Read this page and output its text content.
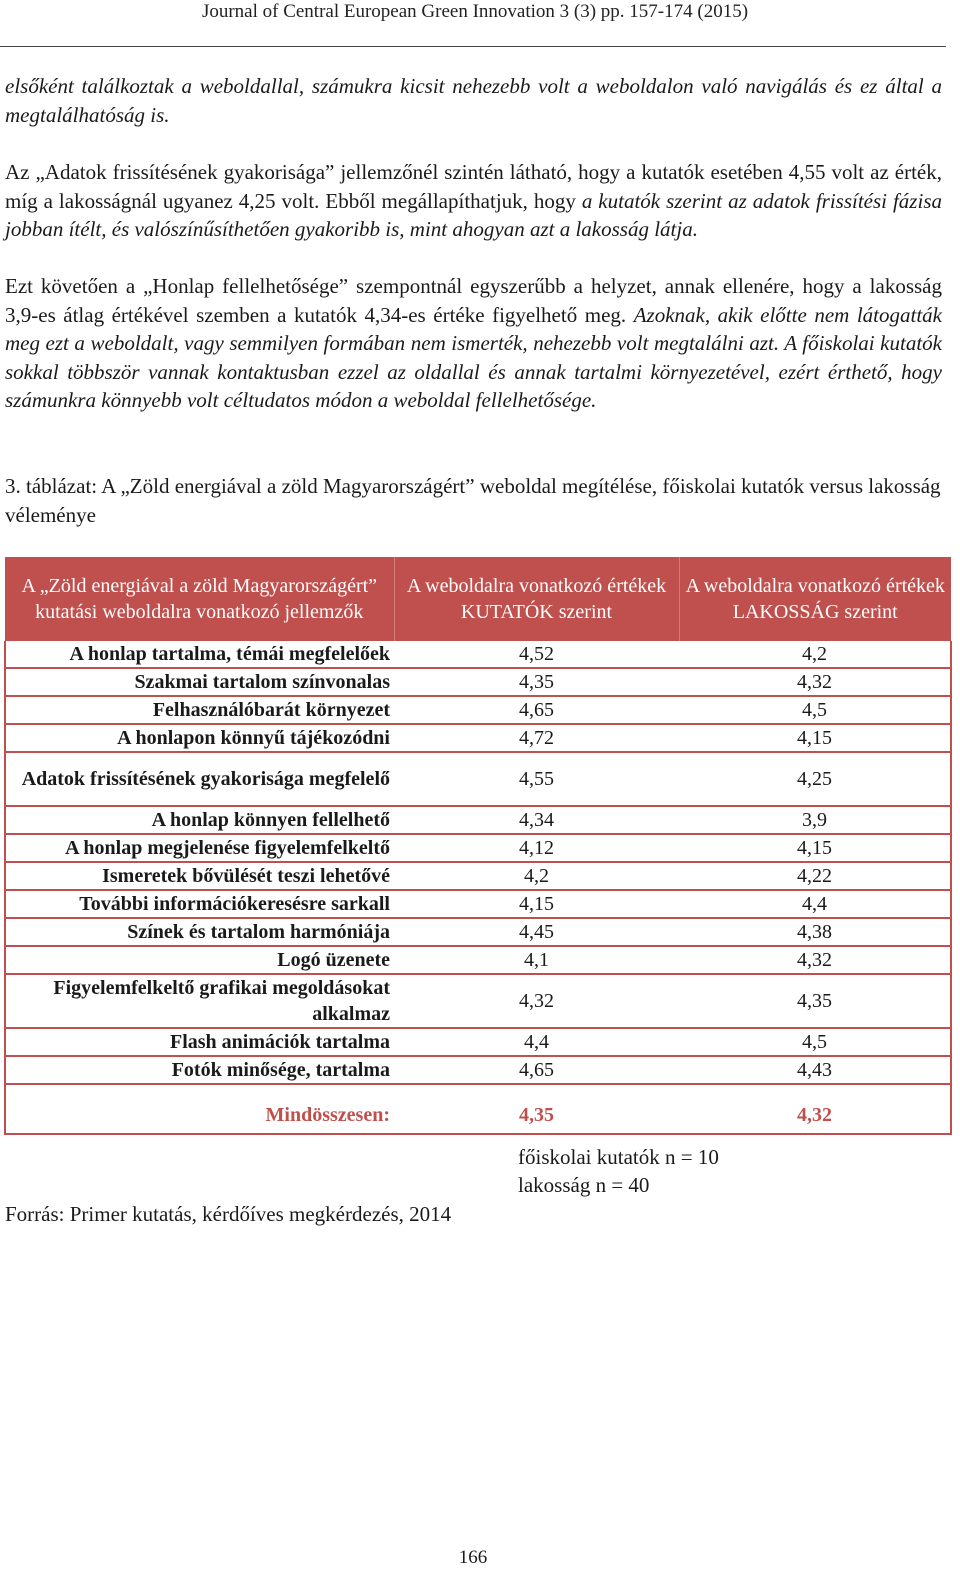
Journal of Central European Green Innovation 3 (3) pp. 157-174 (2015)

elsőként találkoztak a weboldallal, számukra kicsit nehezebb volt a weboldalon való navigálás és ez által a megtalálhatóság is.

Az „Adatok frissítésének gyakorisága” jellemzőnél szintén látható, hogy a kutatók esetében 4,55 volt az érték, míg a lakosságnál ugyanez 4,25 volt. Ebből megállapíthatjuk, hogy a kutatók szerint az adatok frissítési fázisa jobban ítélt, és valószínűsíthetően gyakoribb is, mint ahogyan azt a lakosság látja.

Ezt követően a „Honlap fellelhetősége” szempontnál egyszerűbb a helyzet, annak ellenére, hogy a lakosság 3,9-es átlag értékével szemben a kutatók 4,34-es értéke figyelhető meg. Azoknak, akik előtte nem látogatták meg ezt a weboldalt, vagy semmilyen formában nem ismerték, nehezebb volt megtalálni azt. A főiskolai kutatók sokkal többször vannak kontaktusban ezzel az oldallal és annak tartalmi környezetével, ezért érthető, hogy számunkra könnyebb volt céltudatos módon a weboldal fellelhetősége.

3. táblázat: A „Zöld energiával a zöld Magyarországért” weboldal megítélése, főiskolai kutatók versus lakosság véleménye

A „Zöld energiával a zöld Magyarországért” kutatási weboldalra vonatkozó jellemzők	A weboldalra vonatkozó értékek KUTATÓK szerint	A weboldalra vonatkozó értékek LAKOSSÁG szerint
A honlap tartalma, témái megfelelőek	4,52	4,2
Szakmai tartalom színvonalas	4,35	4,32
Felhasználóbarát környezet	4,65	4,5
A honlapon könnyű tájékozódni	4,72	4,15
Adatok frissítésének gyakorisága megfelelő	4,55	4,25
A honlap könnyen fellelhető	4,34	3,9
A honlap megjelenése figyelemfelkeltő	4,12	4,15
Ismeretek bővülését teszi lehetővé	4,2	4,22
További információkeresésre sarkall	4,15	4,4
Színek és tartalom harmóniája	4,45	4,38
Logó üzenete	4,1	4,32
Figyelemfelkeltő grafikai megoldásokat alkalmaz	4,32	4,35
Flash animációk tartalma	4,4	4,5
Fotók minősége, tartalma	4,65	4,43

Mindösszesen:	4,35	4,32
főiskolai kutatók n = 10
lakosság n = 40
Forrás: Primer kutatás, kérdőíves megkérdezés, 2014
166
